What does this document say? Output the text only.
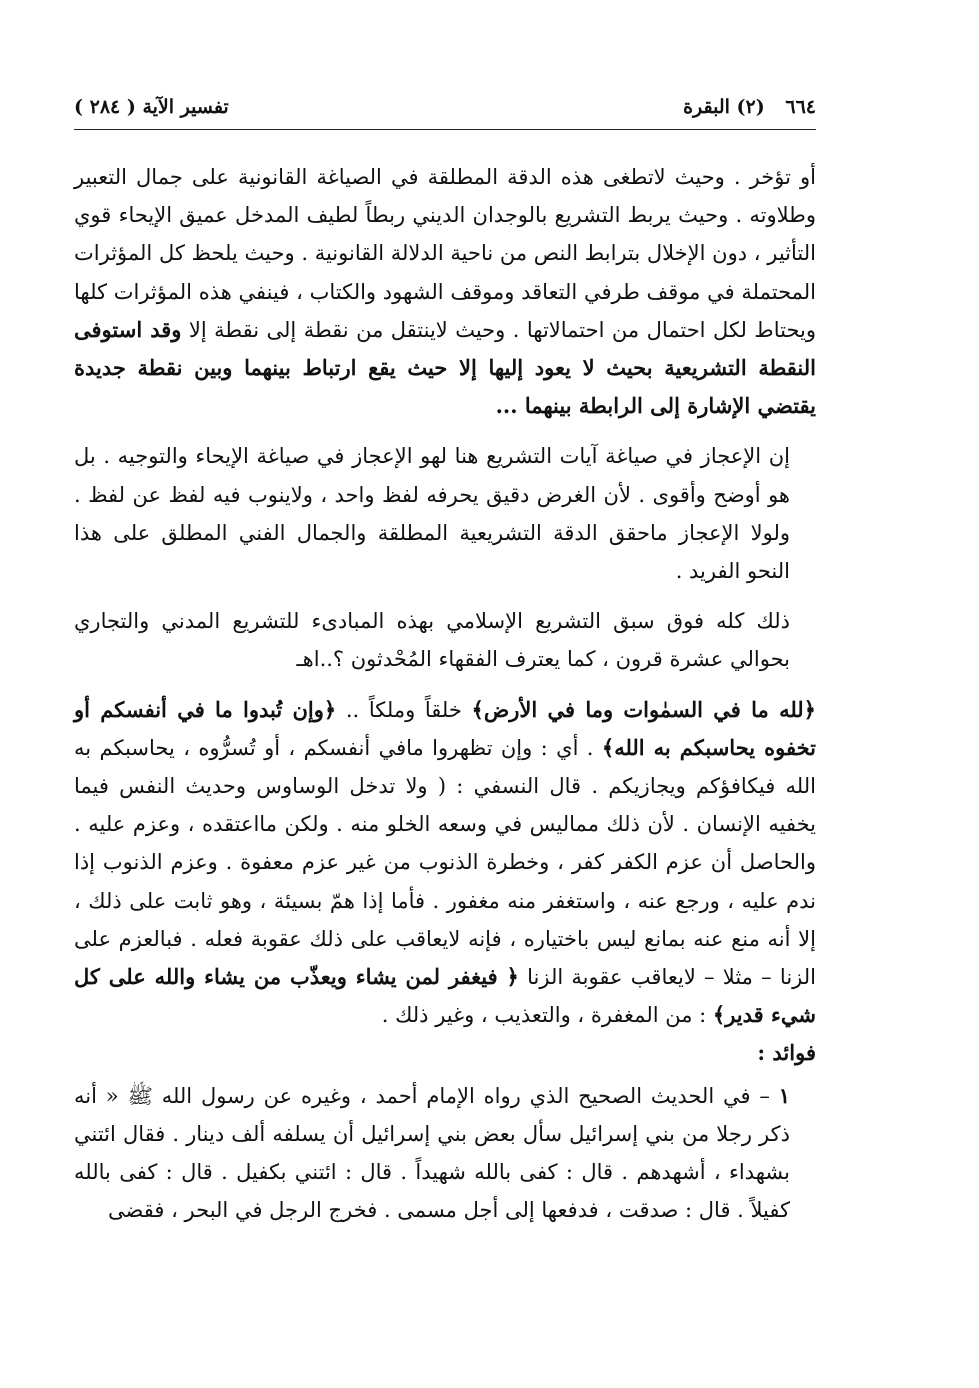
٦٦٤ (٢) البقرة
تفسير الآية ( ٢٨٤ )

أو تؤخر . وحيث لاتطغى هذه الدقة المطلقة في الصياغة القانونية على جمال التعبير وطلاوته . وحيث يربط التشريع بالوجدان الديني ربطاً لطيف المدخل عميق الإيحاء قوي التأثير ، دون الإخلال بترابط النص من ناحية الدلالة القانونية . وحيث يلحظ كل المؤثرات المحتملة في موقف طرفي التعاقد وموقف الشهود والكتاب ، فينفي هذه المؤثرات كلها ويحتاط لكل احتمال من احتمالاتها . وحيث لاينتقل من نقطة إلى نقطة إلا وقد استوفى النقطة التشريعية بحيث لا يعود إليها إلا حيث يقع ارتباط بينهما وبين نقطة جديدة يقتضي الإشارة إلى الرابطة بينهما ...

إن الإعجاز في صياغة آيات التشريع هنا لهو الإعجاز في صياغة الإيحاء والتوجيه . بل هو أوضح وأقوى . لأن الغرض دقيق يحرفه لفظ واحد ، ولاينوب فيه لفظ عن لفظ . ولولا الإعجاز ماحقق الدقة التشريعية المطلقة والجمال الفني المطلق على هذا النحو الفريد .

ذلك كله فوق سبق التشريع الإسلامي بهذه المبادىء للتشريع المدني والتجاري بحوالي عشرة قرون ، كما يعترف الفقهاء المُحْدثون ؟..اهـ

﴿لله ما في السمٰوات وما في الأرض﴾ خلقاً وملكاً .. ﴿وإن تُبدوا ما في أنفسكم أو تخفوه يحاسبكم به الله﴾ . أي : وإن تظهروا مافي أنفسكم ، أو تُسرُّوه ، يحاسبكم به الله فيكافؤكم ويجازيكم . قال النسفي : ( ولا تدخل الوساوس وحديث النفس فيما يخفيه الإنسان . لأن ذلك مماليس في وسعه الخلو منه . ولكن مااعتقده ، وعزم عليه . والحاصل أن عزم الكفر كفر ، وخطرة الذنوب من غير عزم معفوة . وعزم الذنوب إذا ندم عليه ، ورجع عنه ، واستغفر منه مغفور . فأما إذا همّ بسيئة ، وهو ثابت على ذلك ، إلا أنه منع عنه بمانع ليس باختياره ، فإنه لايعاقب على ذلك عقوبة فعله . فبالعزم على الزنا – مثلا – لايعاقب عقوبة الزنا ﴿ فيغفر لمن يشاء ويعذّب من يشاء والله على كل شيء قدير﴾ : من المغفرة ، والتعذيب ، وغير ذلك .

فوائد :

١ – في الحديث الصحيح الذي رواه الإمام أحمد ، وغيره عن رسول الله ﷺ « أنه ذكر رجلا من بني إسرائيل سأل بعض بني إسرائيل أن يسلفه ألف دينار . فقال ائتني بشهداء ، أشهدهم . قال : كفى بالله شهيداً . قال : ائتني بكفيل . قال : كفى بالله كفيلاً . قال : صدقت ، فدفعها إلى أجل مسمى . فخرج الرجل في البحر ، فقضى
